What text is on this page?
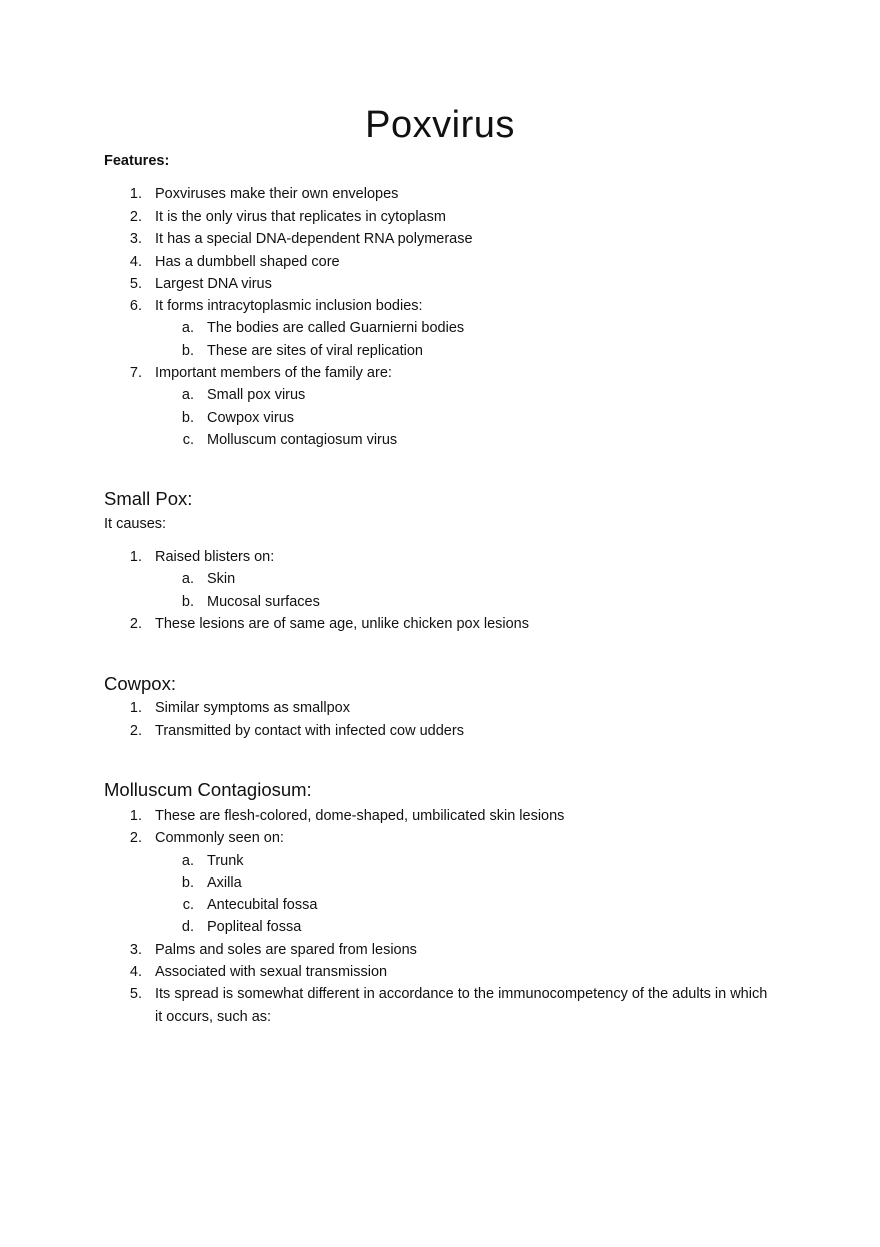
Poxvirus
Features:
1. Poxviruses make their own envelopes
2. It is the only virus that replicates in cytoplasm
3. It has a special DNA-dependent RNA polymerase
4. Has a dumbbell shaped core
5. Largest DNA virus
6. It forms intracytoplasmic inclusion bodies:
a. The bodies are called Guarnierni bodies
b. These are sites of viral replication
7. Important members of the family are:
a. Small pox virus
b. Cowpox virus
c. Molluscum contagiosum virus
Small Pox:
It causes:
1. Raised blisters on:
a. Skin
b. Mucosal surfaces
2. These lesions are of same age, unlike chicken pox lesions
Cowpox:
1. Similar symptoms as smallpox
2. Transmitted by contact with infected cow udders
Molluscum Contagiosum:
1. These are flesh-colored, dome-shaped, umbilicated skin lesions
2. Commonly seen on:
a. Trunk
b. Axilla
c. Antecubital fossa
d. Popliteal fossa
3. Palms and soles are spared from lesions
4. Associated with sexual transmission
5. Its spread is somewhat different in accordance to the immunocompetency of the adults in which
it occurs, such as:
